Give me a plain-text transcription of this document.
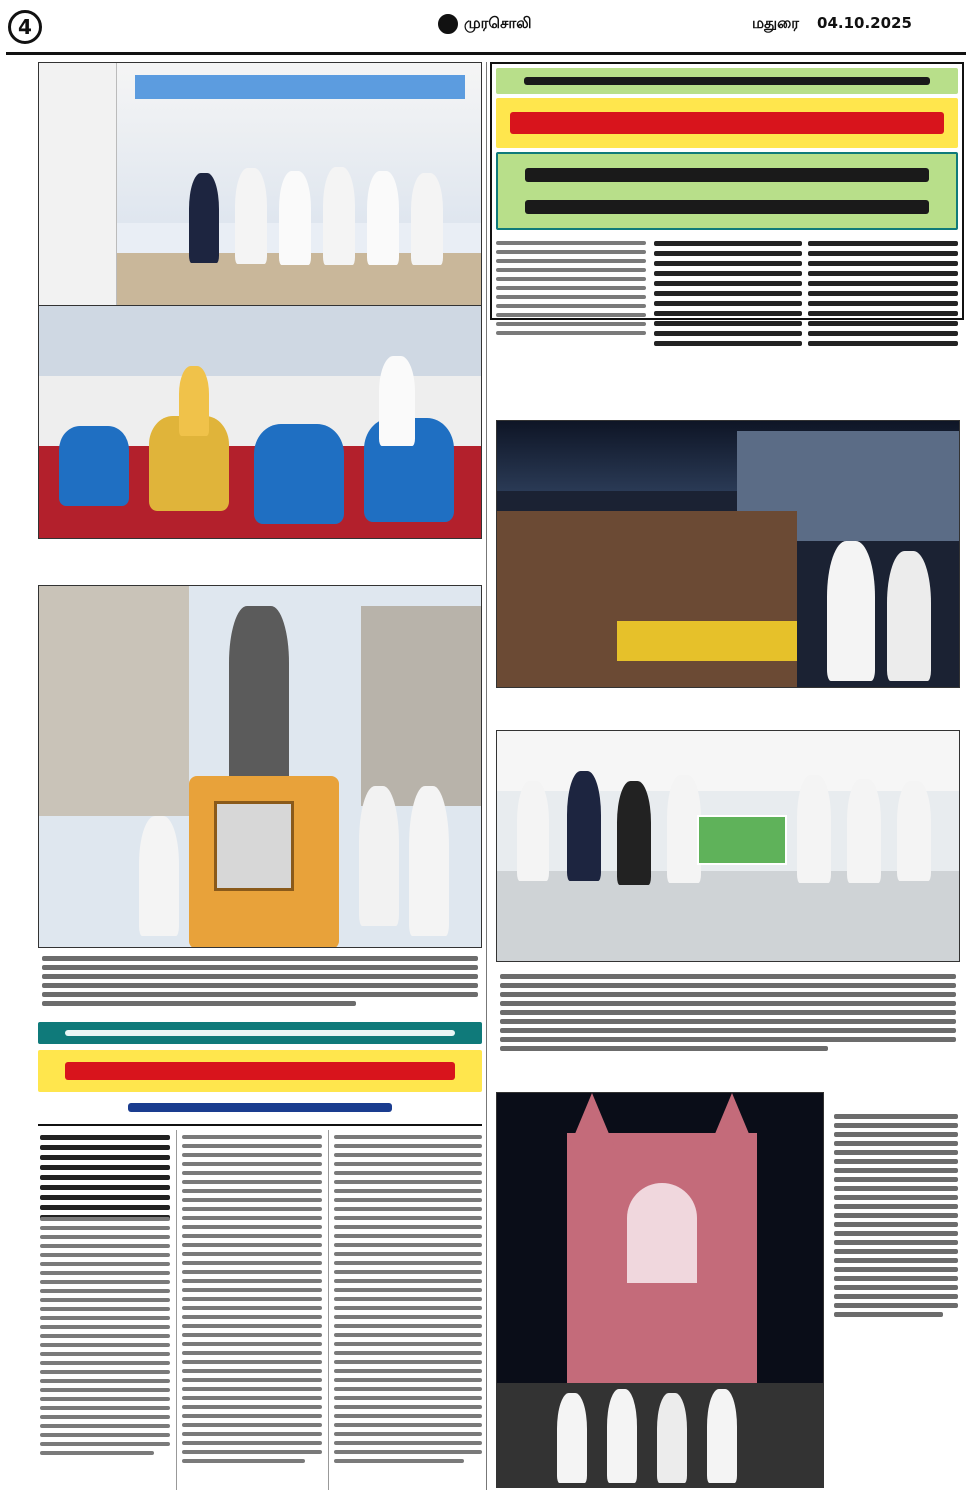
4	முரசொலி	மதுரை 04.10.2025
